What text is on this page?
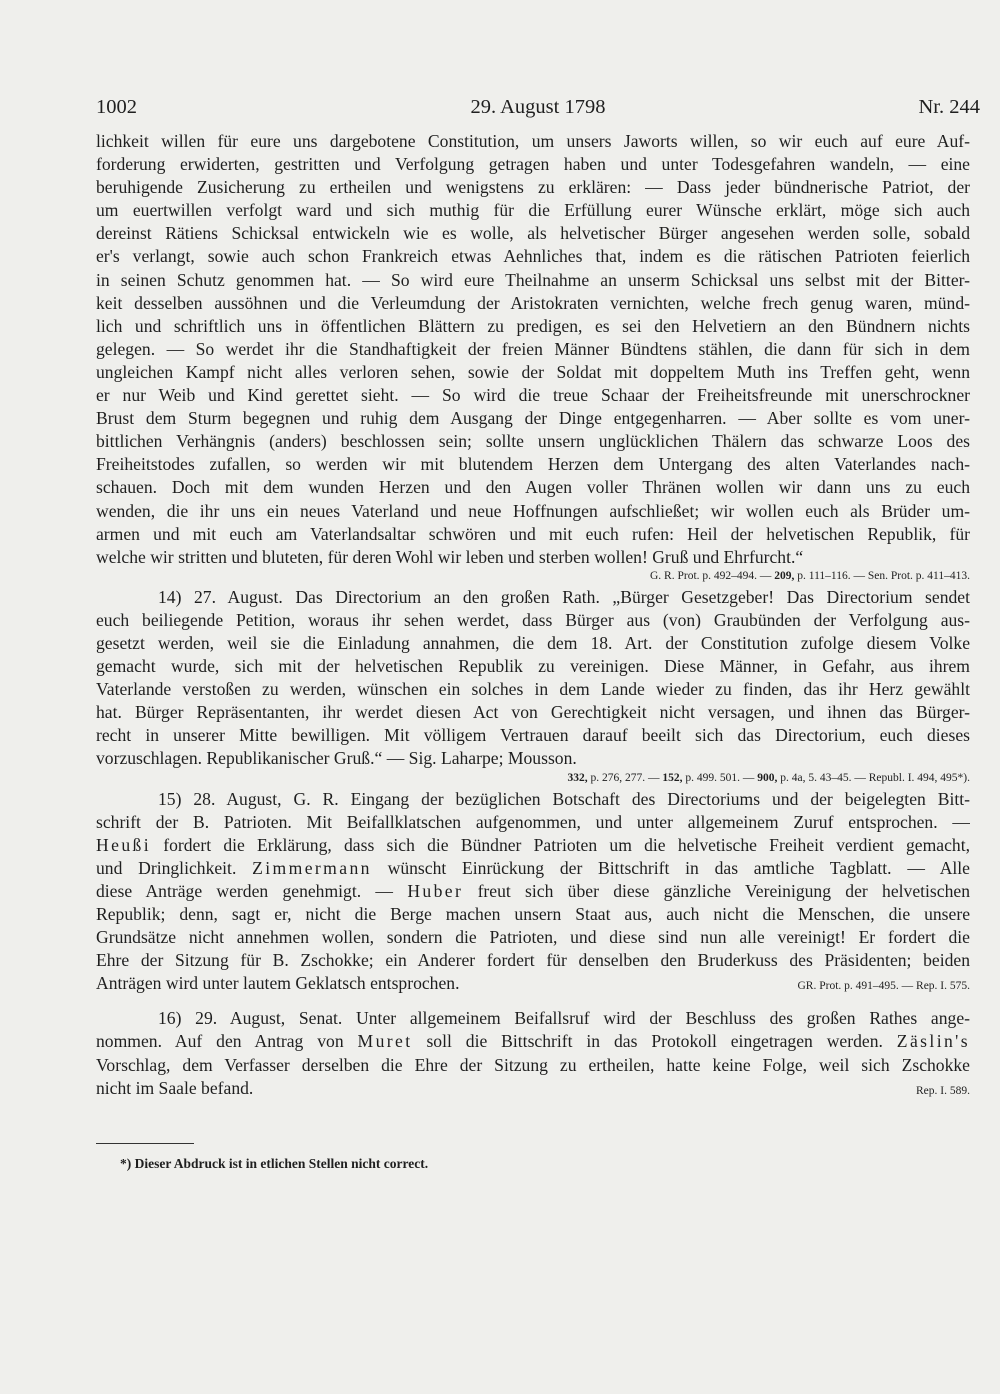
1002	29. August 1798	Nr. 244
lichkeit willen für eure uns dargebotene Constitution, um unsers Jaworts willen, so wir euch auf eure Auf-
forderung erwiderten, gestritten und Verfolgung getragen haben und unter Todesgefahren wandeln, — eine
beruhigende Zusicherung zu ertheilen und wenigstens zu erklären: — Dass jeder bündnerische Patriot, der
um euertwillen verfolgt ward und sich muthig für die Erfüllung eurer Wünsche erklärt, möge sich auch
dereinst Rätiens Schicksal entwickeln wie es wolle, als helvetischer Bürger angesehen werden solle, sobald
er's verlangt, sowie auch schon Frankreich etwas Aehnliches that, indem es die rätischen Patrioten feierlich
in seinen Schutz genommen hat. — So wird eure Theilnahme an unserm Schicksal uns selbst mit der Bitter-
keit desselben aussöhnen und die Verleumdung der Aristokraten vernichten, welche frech genug waren, münd-
lich und schriftlich uns in öffentlichen Blättern zu predigen, es sei den Helvetiern an den Bündnern nichts
gelegen. — So werdet ihr die Standhaftigkeit der freien Männer Bündtens stählen, die dann für sich in dem
ungleichen Kampf nicht alles verloren sehen, sowie der Soldat mit doppeltem Muth ins Treffen geht, wenn
er nur Weib und Kind gerettet sieht. — So wird die treue Schaar der Freiheitsfreunde mit unerschrockner
Brust dem Sturm begegnen und ruhig dem Ausgang der Dinge entgegenharren. — Aber sollte es vom uner-
bittlichen Verhängnis (anders) beschlossen sein; sollte unsern unglücklichen Thälern das schwarze Loos des
Freiheitstodes zufallen, so werden wir mit blutendem Herzen dem Untergang des alten Vaterlandes nach-
schauen. Doch mit dem wunden Herzen und den Augen voller Thränen wollen wir dann uns zu euch
wenden, die ihr uns ein neues Vaterland und neue Hoffnungen aufschließet; wir wollen euch als Brüder um-
armen und mit euch am Vaterlandsaltar schwören und mit euch rufen: Heil der helvetischen Republik, für
welche wir stritten und bluteten, für deren Wohl wir leben und sterben wollen! Gruß und Ehrfurcht.“
G. R. Prot. p. 492–494. — 209, p. 111–116. — Sen. Prot. p. 411–413.
14) 27. August. Das Directorium an den großen Rath. „Bürger Gesetzgeber! Das Directorium sendet
euch beiliegende Petition, woraus ihr sehen werdet, dass Bürger aus (von) Graubünden der Verfolgung aus-
gesetzt werden, weil sie die Einladung annahmen, die dem 18. Art. der Constitution zufolge diesem Volke
gemacht wurde, sich mit der helvetischen Republik zu vereinigen. Diese Männer, in Gefahr, aus ihrem
Vaterlande verstoßen zu werden, wünschen ein solches in dem Lande wieder zu finden, das ihr Herz gewählt
hat. Bürger Repräsentanten, ihr werdet diesen Act von Gerechtigkeit nicht versagen, und ihnen das Bürger-
recht in unserer Mitte bewilligen. Mit völligem Vertrauen darauf beeilt sich das Directorium, euch dieses
vorzuschlagen. Republikanischer Gruß.“ — Sig. Laharpe; Mousson.
332, p. 276, 277. — 152, p. 499. 501. — 900, p. 4a, 5. 43–45. — Republ. I. 494, 495*).
15) 28. August, G. R. Eingang der bezüglichen Botschaft des Directoriums und der beigelegten Bitt-
schrift der B. Patrioten. Mit Beifallklatschen aufgenommen, und unter allgemeinem Zuruf entsprochen. —
Heußi fordert die Erklärung, dass sich die Bündner Patrioten um die helvetische Freiheit verdient gemacht,
und Dringlichkeit. Zimmermann wünscht Einrückung der Bittschrift in das amtliche Tagblatt. — Alle
diese Anträge werden genehmigt. — Huber freut sich über diese gänzliche Vereinigung der helvetischen
Republik; denn, sagt er, nicht die Berge machen unsern Staat aus, auch nicht die Menschen, die unsere
Grundsätze nicht annehmen wollen, sondern die Patrioten, und diese sind nun alle vereinigt! Er fordert die
Ehre der Sitzung für B. Zschokke; ein Anderer fordert für denselben den Bruderkuss des Präsidenten; beiden
Anträgen wird unter lautem Geklatsch entsprochen.	GR. Prot. p. 491–495. — Rep. I. 575.
16) 29. August, Senat. Unter allgemeinem Beifallsruf wird der Beschluss des großen Rathes ange-
nommen. Auf den Antrag von Muret soll die Bittschrift in das Protokoll eingetragen werden. Zäslin's
Vorschlag, dem Verfasser derselben die Ehre der Sitzung zu ertheilen, hatte keine Folge, weil sich Zschokke
nicht im Saale befand.	Rep. I. 589.
*) Dieser Abdruck ist in etlichen Stellen nicht correct.
